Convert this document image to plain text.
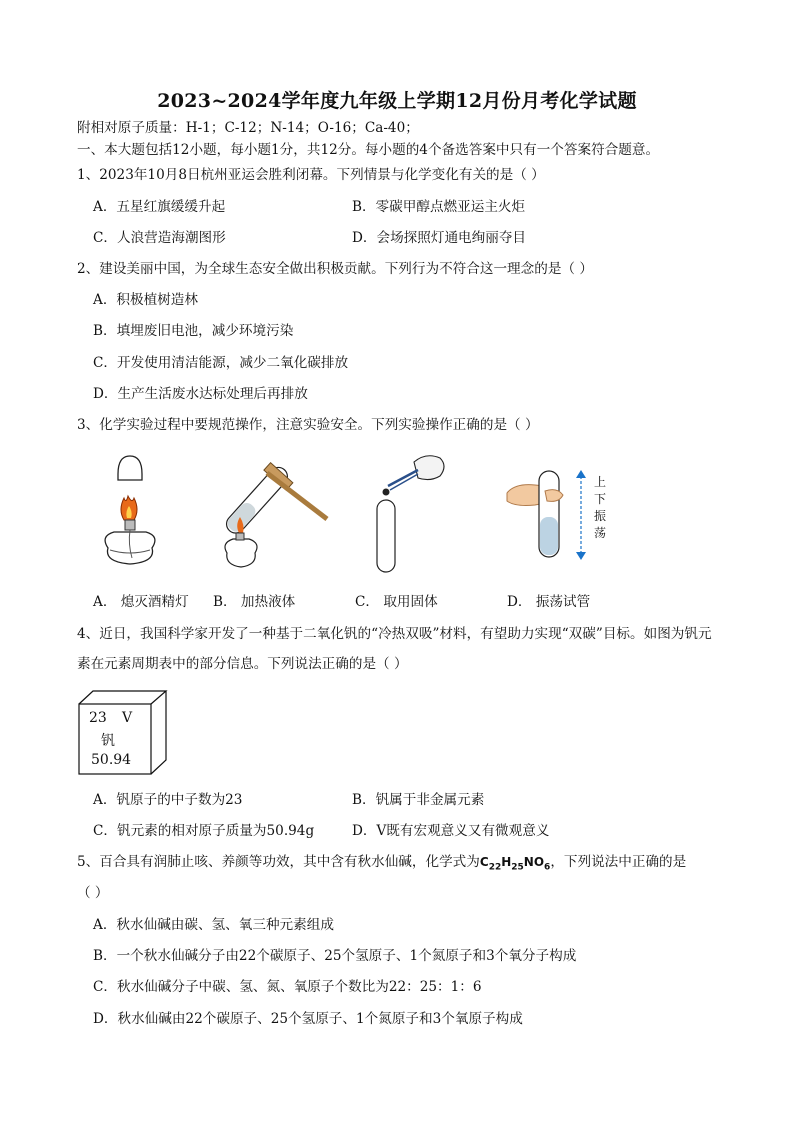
2023~2024学年度九年级上学期12月份月考化学试题
附相对原子质量：H-1；C-12；N-14；O-16；Ca-40；
一、本大题包括12小题，每小题1分，共12分。每小题的4个备选答案中只有一个答案符合题意。
1、2023年10月8日杭州亚运会胜利闭幕。下列情景与化学变化有关的是（ ）
A．五星红旗缓缓升起	B．零碳甲醇点燃亚运主火炬
C．人浪营造海潮图形	D．会场探照灯通电绚丽夺目
2、建设美丽中国，为全球生态安全做出积极贡献。下列行为不符合这一理念的是（ ）
A．积极植树造林
B．填埋废旧电池，减少环境污染
C．开发使用清洁能源，减少二氧化碳排放
D．生产生活废水达标处理后再排放
3、化学实验过程中要规范操作，注意实验安全。下列实验操作正确的是（ ）
上
下
振
荡
A． 熄灭酒精灯 B． 加热液体	C． 取用固体	D． 振荡试管
4、近日，我国科学家开发了一种基于二氧化钒的“冷热双吸”材料，有望助力实现“双碳”目标。如图为钒元
素在元素周期表中的部分信息。下列说法正确的是（ ）
23 V
钒
50.94
A．钒原子的中子数为23	B．钒属于非金属元素
C．钒元素的相对原子质量为50.94g	D．V既有宏观意义又有微观意义
5、百合具有润肺止咳、养颜等功效，其中含有秋水仙碱，化学式为$C_{22}H_{25}NO_6$，下列说法中正确的是
（ ）
A．秋水仙碱由碳、氢、氧三种元素组成
B．一个秋水仙碱分子由22个碳原子、25个氢原子、1个氮原子和3个氧分子构成
C．秋水仙碱分子中碳、氢、氮、氧原子个数比为22：25：1：6
D．秋水仙碱由22个碳原子、25个氢原子、1个氮原子和3个氧原子构成
